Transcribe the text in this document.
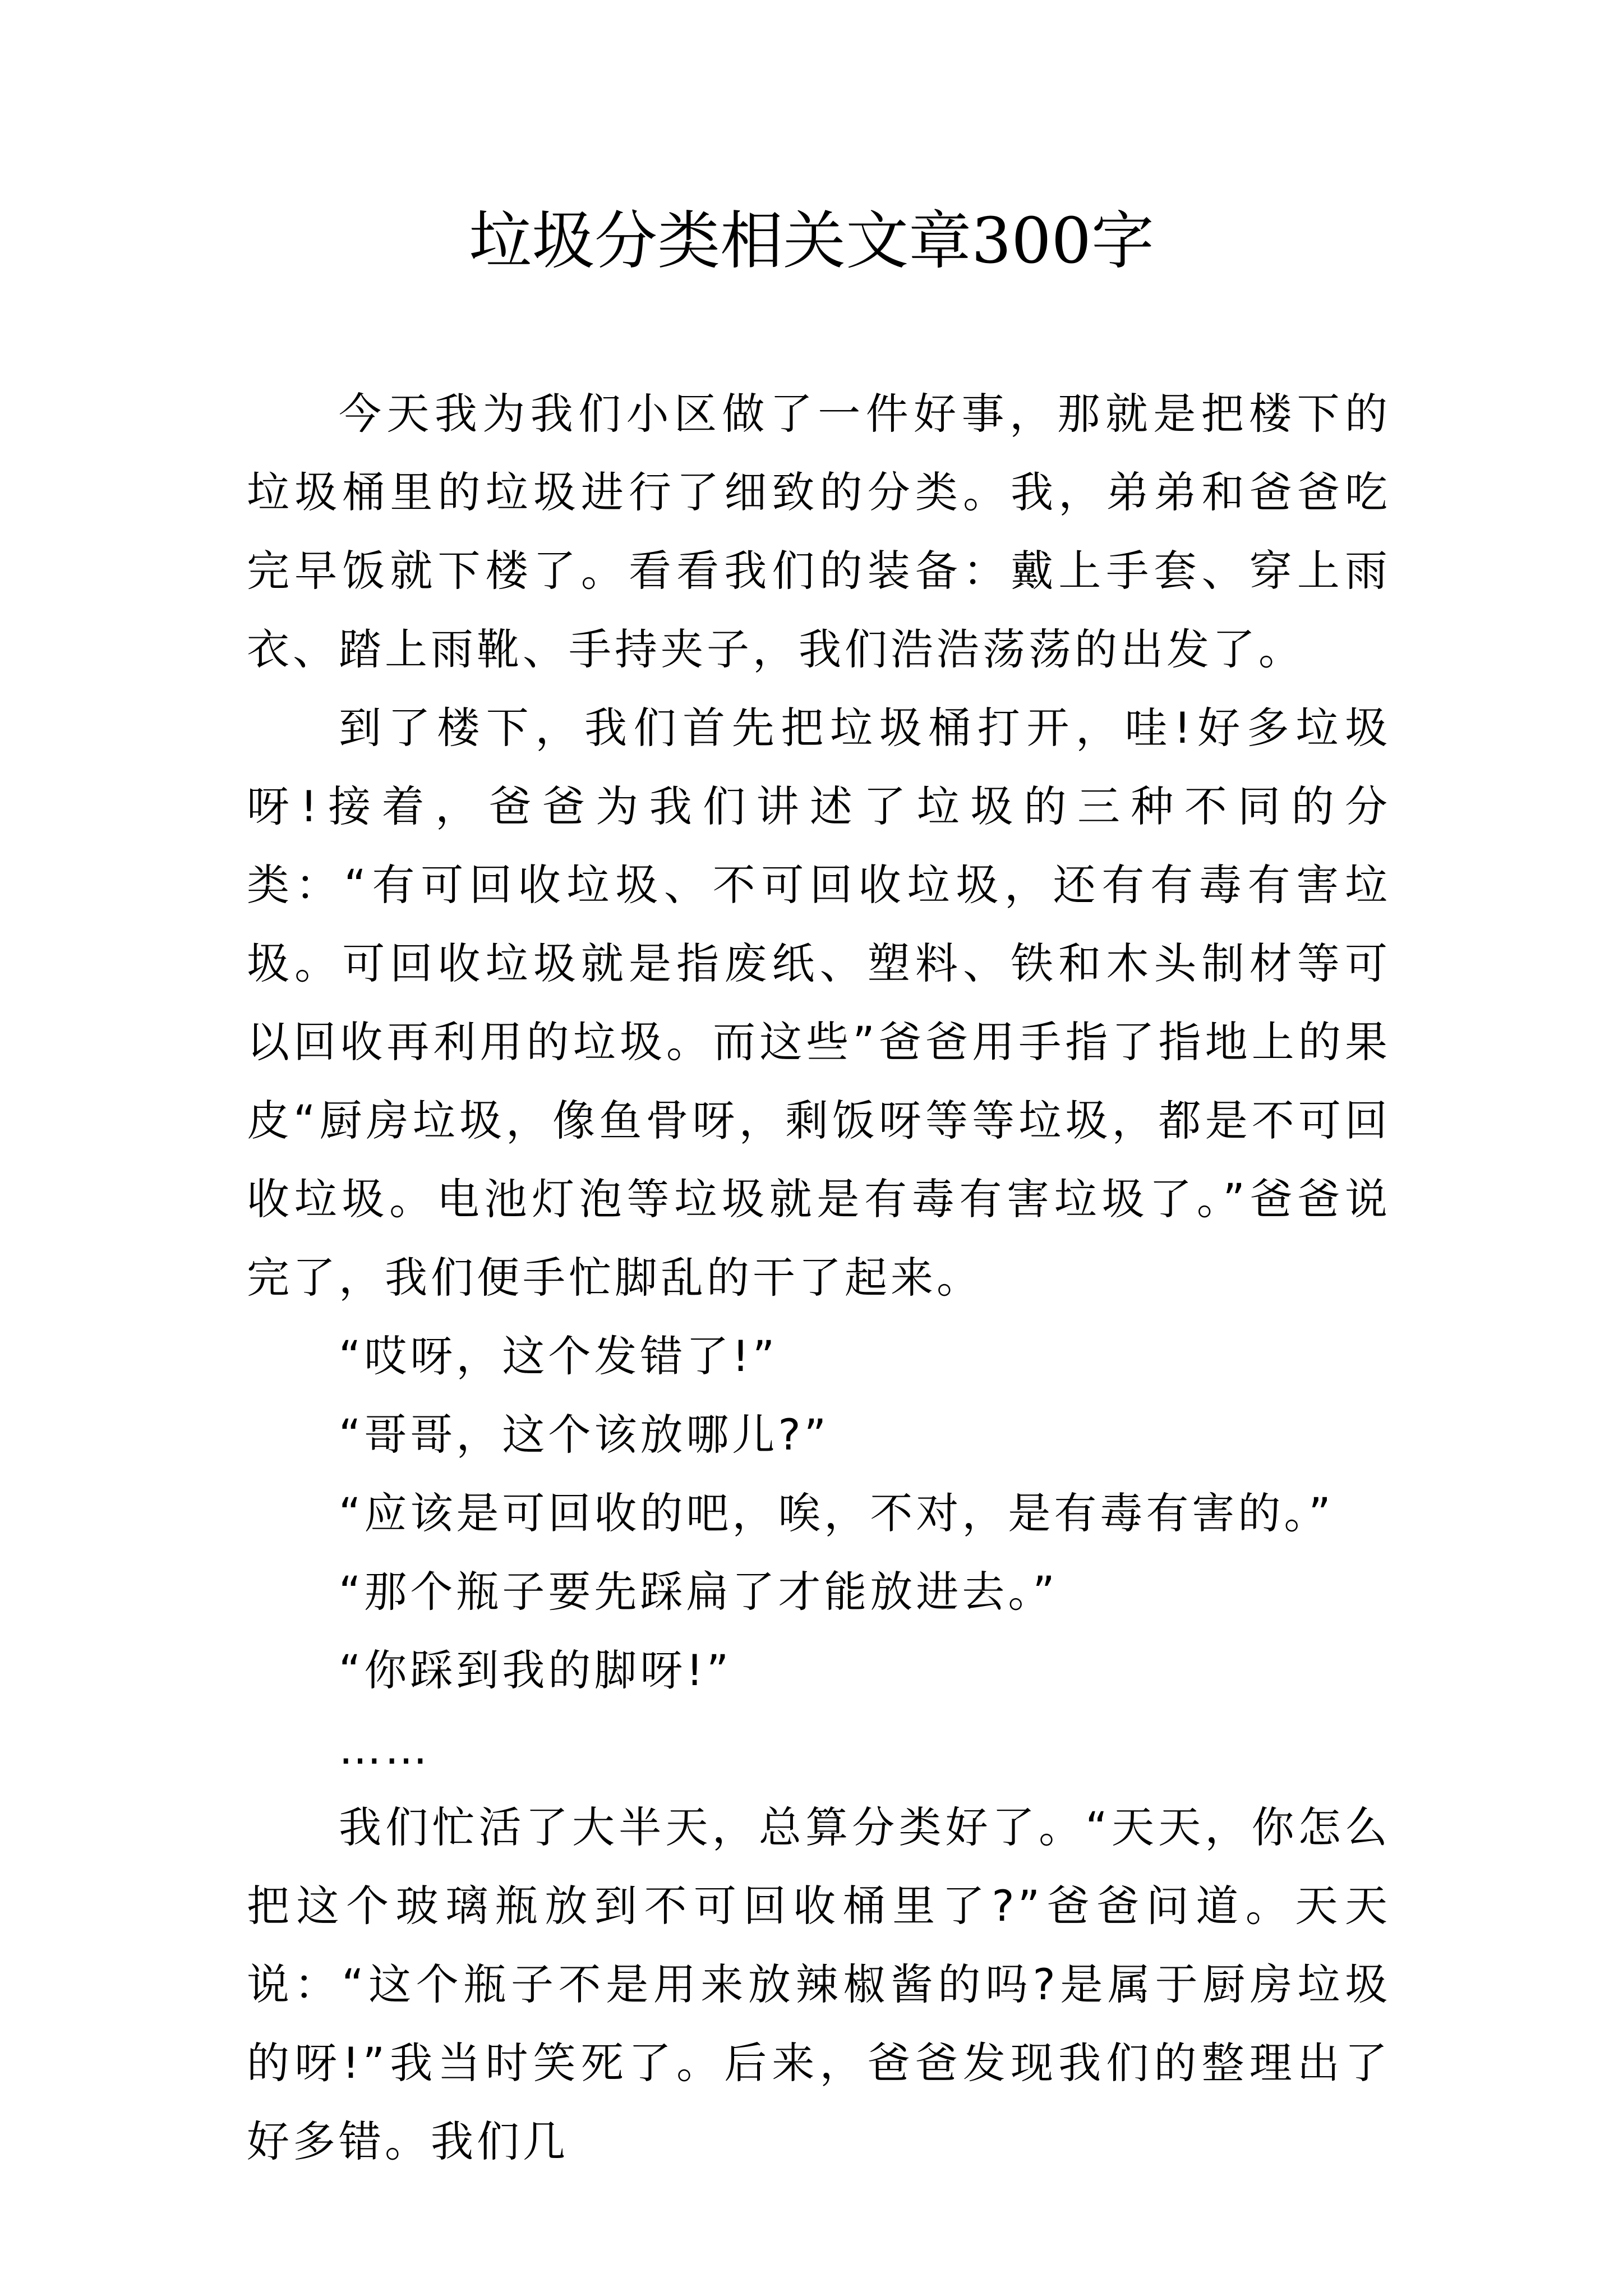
垃圾分类相关文章300字

今天我为我们小区做了一件好事，那就是把楼下的垃圾桶里的垃圾进行了细致的分类。我，弟弟和爸爸吃完早饭就下楼了。看看我们的装备：戴上手套、穿上雨衣、踏上雨靴、手持夹子，我们浩浩荡荡的出发了。

到了楼下，我们首先把垃圾桶打开，哇!好多垃圾呀!接着，爸爸为我们讲述了垃圾的三种不同的分类：“有可回收垃圾、不可回收垃圾，还有有毒有害垃圾。可回收垃圾就是指废纸、塑料、铁和木头制材等可以回收再利用的垃圾。而这些”爸爸用手指了指地上的果皮“厨房垃圾，像鱼骨呀，剩饭呀等等垃圾，都是不可回收垃圾。电池灯泡等垃圾就是有毒有害垃圾了。”爸爸说完了，我们便手忙脚乱的干了起来。

“哎呀，这个发错了!”

“哥哥，这个该放哪儿?”

“应该是可回收的吧，唉，不对，是有毒有害的。”

“那个瓶子要先踩扁了才能放进去。”

“你踩到我的脚呀!”

……

我们忙活了大半天，总算分类好了。“天天，你怎么把这个玻璃瓶放到不可回收桶里了?”爸爸问道。天天说：“这个瓶子不是用来放辣椒酱的吗?是属于厨房垃圾的呀!”我当时笑死了。后来，爸爸发现我们的整理出了好多错。我们几
